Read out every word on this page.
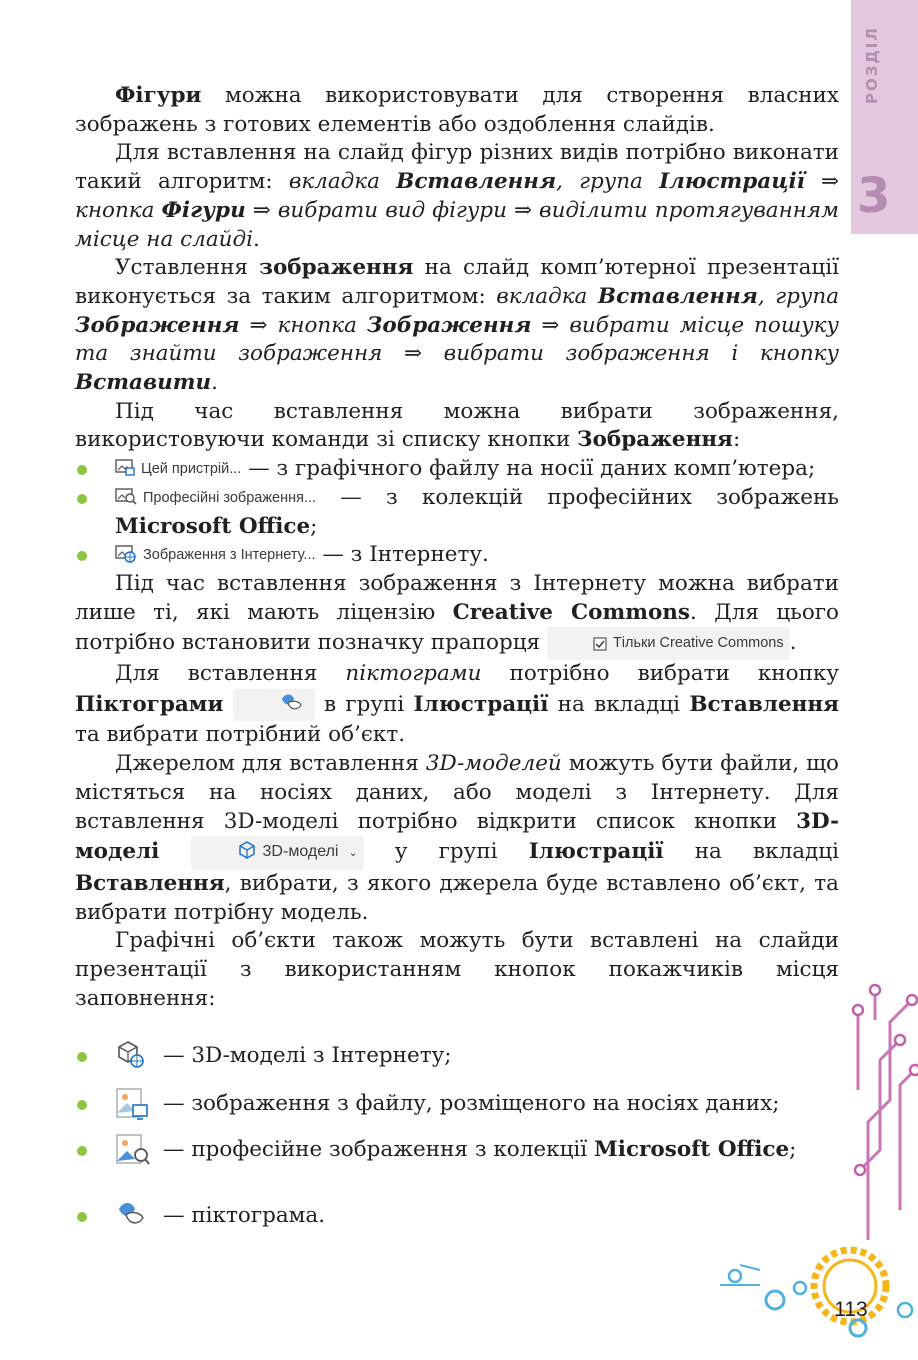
РОЗДІЛ
3

Фігури можна використовувати для створення власних зображень з готових елементів або оздоблення слайдів.

Для вставлення на слайд фігур різних видів потрібно виконати такий алгоритм: вкладка Вставлення, група Ілюстрації ⇒ кнопка Фігури ⇒ вибрати вид фігури ⇒ виділити протягуванням місце на слайді.

Уставлення зображення на слайд комп’ютерної презентації виконується за таким алгоритмом: вкладка Вставлення, група Зображення ⇒ кнопка Зображення ⇒ вибрати місце пошуку та знайти зображення ⇒ вибрати зображення і кнопку Вставити.

Під час вставлення можна вибрати зображення, використовуючи команди зі списку кнопки Зображення:

Цей пристрій... — з графічного файлу на носії даних комп’ютера;
Професійні зображення... — з колекцій професійних зображень Microsoft Office;
Зображення з Інтернету... — з Інтернету.

Під час вставлення зображення з Інтернету можна вибрати лише ті, які мають ліцензію Creative Commons. Для цього потрібно встановити позначку прапорця	Тільки Creative Commons .

Для вставлення піктограми потрібно вибрати кнопку Піктограми	в групі Ілюстрації на вкладці Вставлення та вибрати потрібний об’єкт.

Джерелом для вставлення 3D-моделей можуть бути файли, що містяться на носіях даних, або моделі з Інтернету. Для вставлення 3D-моделі потрібно відкрити список кнопки 3D-моделі	3D-моделі ⌄ у групі Ілюстрації на вкладці Вставлення, вибрати, з якого джерела буде вставлено об’єкт, та вибрати потрібну модель.

Графічні об’єкти також можуть бути вставлені на слайди презентації з використанням кнопок покажчиків місця заповнення:

— 3D-моделі з Інтернету;
— зображення з файлу, розміщеного на носіях даних;
— професійне зображення з колекції Microsoft Office;
— піктограма.
113
